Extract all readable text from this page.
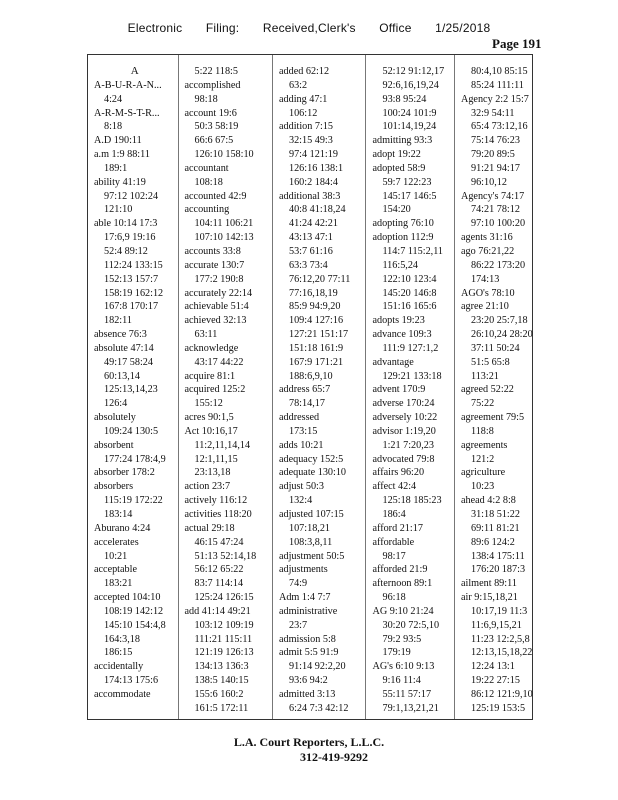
Electronic Filing: Received,Clerk's Office 1/25/2018
Page 191
A
A-B-U-R-A-N...
4:24
A-R-M-S-T-R...
8:18
A.D 190:11
a.m 1:9 88:11
189:1
ability 41:19
97:12 102:24
121:10
able 10:14 17:3
17:6,9 19:16
52:4 89:12
112:24 133:15
152:13 157:7
158:19 162:12
167:8 170:17
182:11
absence 76:3
absolute 47:14
49:17 58:24
60:13,14
125:13,14,23
126:4
absolutely
109:24 130:5
absorbent
177:24 178:4,9
absorber 178:2
absorbers
115:19 172:22
183:14
Aburano 4:24
accelerates
10:21
acceptable
183:21
accepted 104:10
108:19 142:12
145:10 154:4,8
164:3,18
186:15
accidentally
174:13 175:6
accommodate
5:22 118:5
accomplished
98:18
account 19:6
50:3 58:19
66:6 67:5
126:10 158:10
accountant
108:18
accounted 42:9
accounting
104:11 106:21
107:10 142:13
accounts 33:8
accurate 130:7
177:2 190:8
accurately 22:14
achievable 51:4
achieved 32:13
63:11
acknowledge
43:17 44:22
acquire 81:1
acquired 125:2
155:12
acres 90:1,5
Act 10:16,17
11:2,11,14,14
12:1,11,15
23:13,18
action 23:7
actively 116:12
activities 118:20
actual 29:18
46:15 47:24
51:13 52:14,18
56:12 65:22
83:7 114:14
125:24 126:15
add 41:14 49:21
103:12 109:19
111:21 115:11
121:19 126:13
134:13 136:3
138:5 140:15
155:6 160:2
161:5 172:11
added 62:12
63:2
adding 47:1
106:12
addition 7:15
32:15 49:3
97:4 121:19
126:16 138:1
160:2 184:4
additional 38:3
40:8 41:18,24
41:24 42:21
43:13 47:1
53:7 61:16
63:3 73:4
76:12,20 77:11
77:16,18,19
85:9 94:9,20
109:4 127:16
127:21 151:17
151:18 161:9
167:9 171:21
188:6,9,10
address 65:7
78:14,17
addressed
173:15
adds 10:21
adequacy 152:5
adequate 130:10
adjust 50:3
132:4
adjusted 107:15
107:18,21
108:3,8,11
adjustment 50:5
adjustments
74:9
Adm 1:4 7:7
administrative
23:7
admission 5:8
admit 5:5 91:9
91:14 92:2,20
93:6 94:2
admitted 3:13
6:24 7:3 42:12
52:12 91:12,17
92:6,16,19,24
93:8 95:24
100:24 101:9
101:14,19,24
admitting 93:3
adopt 19:22
adopted 58:9
59:7 122:23
145:17 146:5
154:20
adopting 76:10
adoption 112:9
114:7 115:2,11
116:5,24
122:10 123:4
145:20 146:8
151:16 165:6
adopts 19:23
advance 109:3
111:9 127:1,2
advantage
129:21 133:18
advent 170:9
adverse 170:24
adversely 10:22
advisor 1:19,20
1:21 7:20,23
advocated 79:8
affairs 96:20
affect 42:4
125:18 185:23
186:4
afford 21:17
affordable
98:17
afforded 21:9
afternoon 89:1
96:18
AG 9:10 21:24
30:20 72:5,10
79:2 93:5
179:19
AG's 6:10 9:13
9:16 11:4
55:11 57:17
79:1,13,21,21
80:4,10 85:15
85:24 111:11
Agency 2:2 15:7
32:9 54:11
65:4 73:12,16
75:14 76:23
79:20 89:5
91:21 94:17
96:10,12
Agency's 74:17
74:21 78:12
97:10 100:20
agents 31:16
ago 76:21,22
86:22 173:20
174:13
AGO's 78:10
agree 21:10
23:20 25:7,18
26:10,24 28:20
37:11 50:24
51:5 65:8
113:21
agreed 52:22
75:22
agreement 79:5
118:8
agreements
121:2
agriculture
10:23
ahead 4:2 8:8
31:18 51:22
69:11 81:21
89:6 124:2
138:4 175:11
176:20 187:3
ailment 89:11
air 9:15,18,21
10:17,19 11:3
11:6,9,15,21
11:23 12:2,5,8
12:13,15,18,22
12:24 13:1
19:22 27:15
86:12 121:9,10
125:19 153:5
L.A. Court Reporters, L.L.C.
312-419-9292
